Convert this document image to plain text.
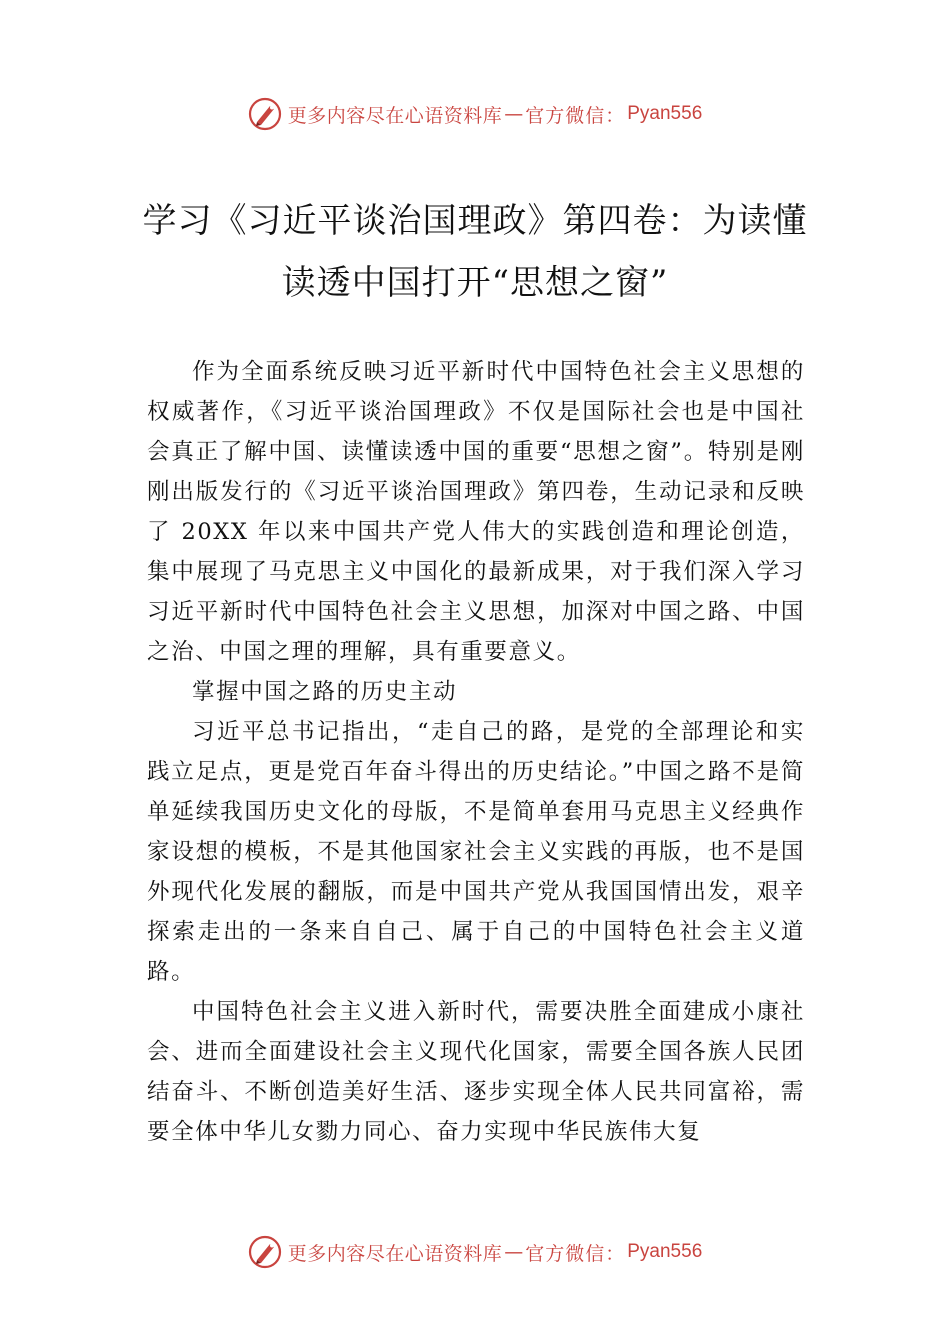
更多内容尽在心语资料库 — 官方微信： Pyan556
学习《习近平谈治国理政》第四卷：为读懂读透中国打开“思想之窗”

作为全面系统反映习近平新时代中国特色社会主义思想的权威著作，《习近平谈治国理政》不仅是国际社会也是中国社会真正了解中国、读懂读透中国的重要“思想之窗”。特别是刚刚出版发行的《习近平谈治国理政》第四卷，生动记录和反映了 20XX 年以来中国共产党人伟大的实践创造和理论创造，集中展现了马克思主义中国化的最新成果，对于我们深入学习习近平新时代中国特色社会主义思想，加深对中国之路、中国之治、中国之理的理解，具有重要意义。

掌握中国之路的历史主动

习近平总书记指出，“走自己的路，是党的全部理论和实践立足点，更是党百年奋斗得出的历史结论。”中国之路不是简单延续我国历史文化的母版，不是简单套用马克思主义经典作家设想的模板，不是其他国家社会主义实践的再版，也不是国外现代化发展的翻版，而是中国共产党从我国国情出发，艰辛探索走出的一条来自自己、属于自己的中国特色社会主义道路。

中国特色社会主义进入新时代，需要决胜全面建成小康社会、进而全面建设社会主义现代化国家，需要全国各族人民团结奋斗、不断创造美好生活、逐步实现全体人民共同富裕，需要全体中华儿女勠力同心、奋力实现中华民族伟大复

更多内容尽在心语资料库 — 官方微信： Pyan556
